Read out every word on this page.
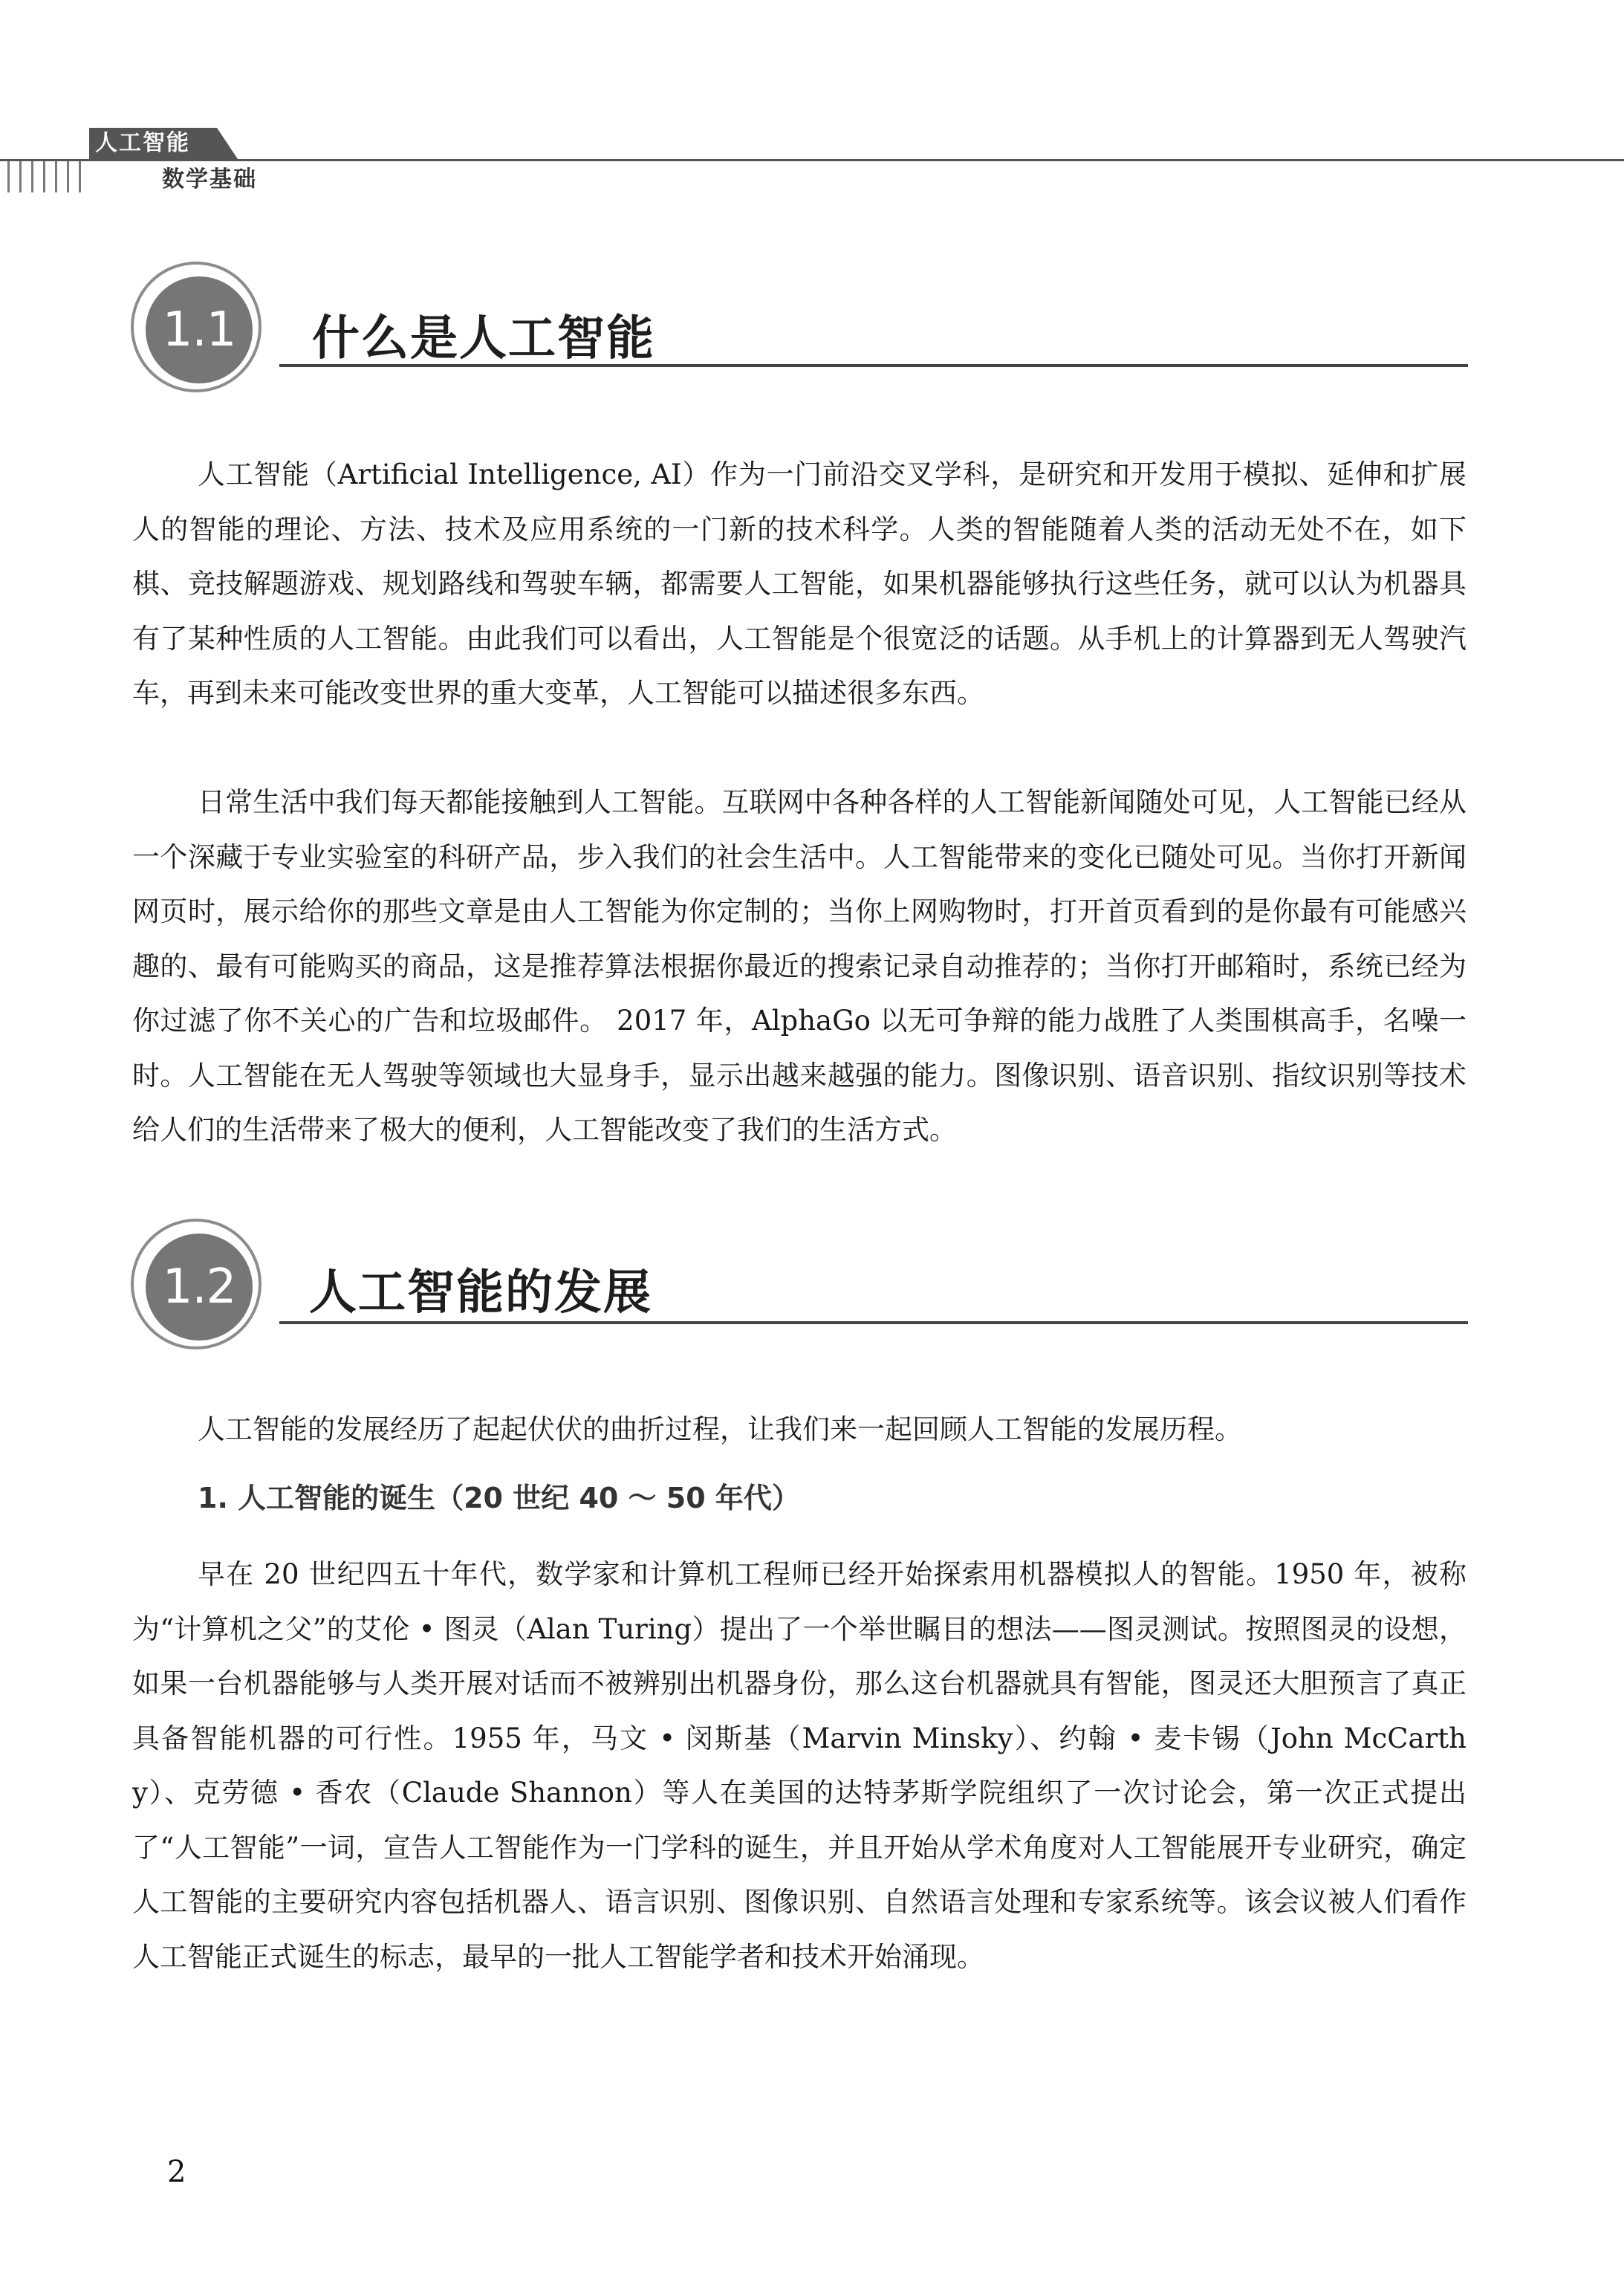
人工智能
数学基础
1.1	什么是人工智能

人工智能（Artificial Intelligence, AI）作为一门前沿交叉学科，是研究和开发用于模拟、延伸和扩展人的智能的理论、方法、技术及应用系统的一门新的技术科学。人类的智能随着人类的活动无处不在，如下棋、竞技解题游戏、规划路线和驾驶车辆，都需要人工智能，如果机器能够执行这些任务，就可以认为机器具有了某种性质的人工智能。由此我们可以看出，人工智能是个很宽泛的话题。从手机上的计算器到无人驾驶汽车，再到未来可能改变世界的重大变革，人工智能可以描述很多东西。

日常生活中我们每天都能接触到人工智能。互联网中各种各样的人工智能新闻随处可见，人工智能已经从一个深藏于专业实验室的科研产品，步入我们的社会生活中。人工智能带来的变化已随处可见。当你打开新闻网页时，展示给你的那些文章是由人工智能为你定制的；当你上网购物时，打开首页看到的是你最有可能感兴趣的、最有可能购买的商品，这是推荐算法根据你最近的搜索记录自动推荐的；当你打开邮箱时，系统已经为你过滤了你不关心的广告和垃圾邮件。 2017 年，AlphaGo 以无可争辩的能力战胜了人类围棋高手，名噪一时。人工智能在无人驾驶等领域也大显身手，显示出越来越强的能力。图像识别、语音识别、指纹识别等技术给人们的生活带来了极大的便利，人工智能改变了我们的生活方式。

1.2	人工智能的发展

人工智能的发展经历了起起伏伏的曲折过程，让我们来一起回顾人工智能的发展历程。

1. 人工智能的诞生（20 世纪 40 ～ 50 年代）

早在 20 世纪四五十年代，数学家和计算机工程师已经开始探索用机器模拟人的智能。1950 年，被称为“计算机之父”的艾伦 • 图灵（Alan Turing）提出了一个举世瞩目的想法——图灵测试。按照图灵的设想，如果一台机器能够与人类开展对话而不被辨别出机器身份，那么这台机器就具有智能，图灵还大胆预言了真正具备智能机器的可行性。1955 年，马文 • 闵斯基（Marvin Minsky）、约翰 • 麦卡锡（John McCarthy）、克劳德 • 香农（Claude Shannon）等人在美国的达特茅斯学院组织了一次讨论会，第一次正式提出了“人工智能”一词，宣告人工智能作为一门学科的诞生，并且开始从学术角度对人工智能展开专业研究，确定人工智能的主要研究内容包括机器人、语言识别、图像识别、自然语言处理和专家系统等。该会议被人们看作人工智能正式诞生的标志，最早的一批人工智能学者和技术开始涌现。

2
